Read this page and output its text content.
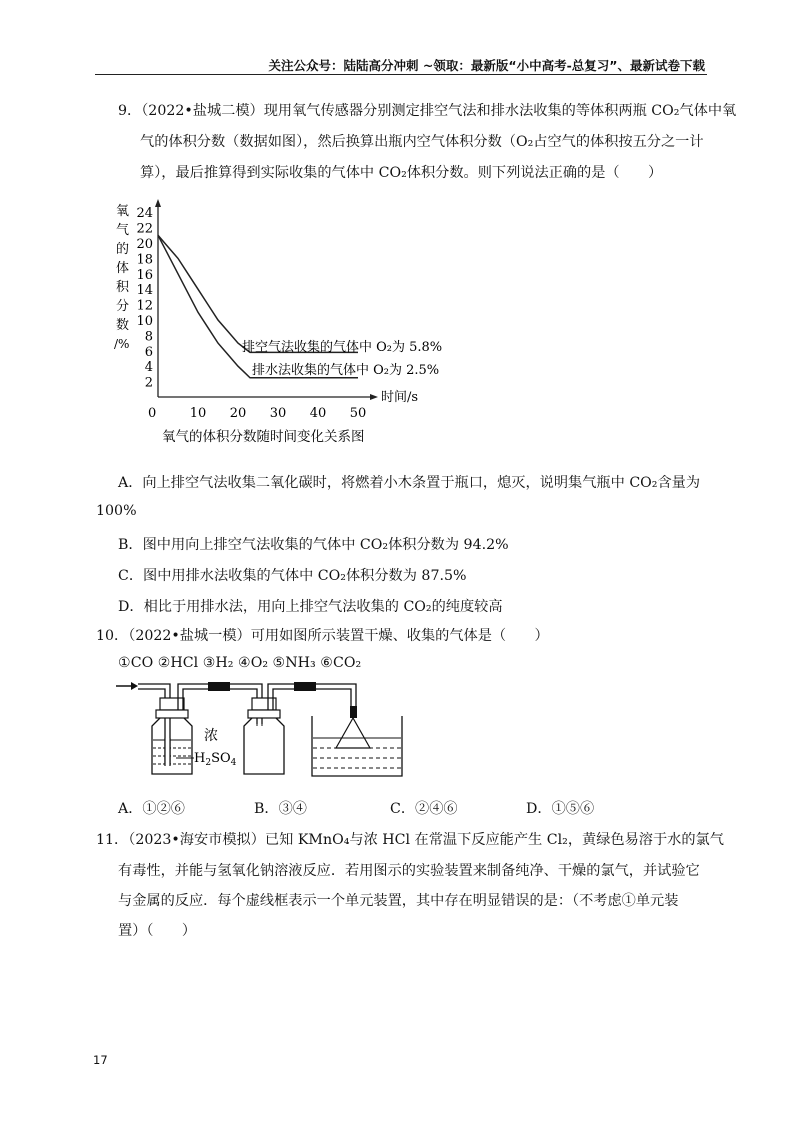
关注公众号：陆陆高分冲刺 ~领取：最新版“小中高考-总复习”、最新试卷下载
9．（2022•盐城二模）现用氧气传感器分别测定排空气法和排水法收集的等体积两瓶 CO₂气体中氧
气的体积分数（数据如图），然后换算出瓶内空气体积分数（O₂占空气的体积按五分之一计
算），最后推算得到实际收集的气体中 CO₂体积分数。则下列说法正确的是（　　）
2
4
6
8
10
12
14
16
18
20
22
24
0	10 20 30 40 50
氧
气
的
体
积
分
数
/%
时间/s
排空气法收集的气体中 O₂为 5.8%
排水法收集的气体中 O₂为 2.5%
氧气的体积分数随时间变化关系图
A．向上排空气法收集二氧化碳时，将燃着小木条置于瓶口，熄灭，说明集气瓶中 CO₂含量为
100%
B．图中用向上排空气法收集的气体中 CO₂体积分数为 94.2%
C．图中用排水法收集的气体中 CO₂体积分数为 87.5%
D．相比于用排水法，用向上排空气法收集的 CO₂的纯度较高
10．（2022•盐城一模）可用如图所示装置干燥、收集的气体是（　　）
①CO ②HCl ③H₂ ④O₂ ⑤NH₃ ⑥CO₂
浓
$H_2SO_4$
A．①②⑥	B．③④	C．②④⑥	D．①⑤⑥
11．（2023•海安市模拟）已知 KMnO₄与浓 HCl 在常温下反应能产生 Cl₂，黄绿色易溶于水的氯气
有毒性，并能与氢氧化钠溶液反应．若用图示的实验装置来制备纯净、干燥的氯气，并试验它
与金属的反应．每个虚线框表示一个单元装置，其中存在明显错误的是：（不考虑①单元装
置）（　　）
17
